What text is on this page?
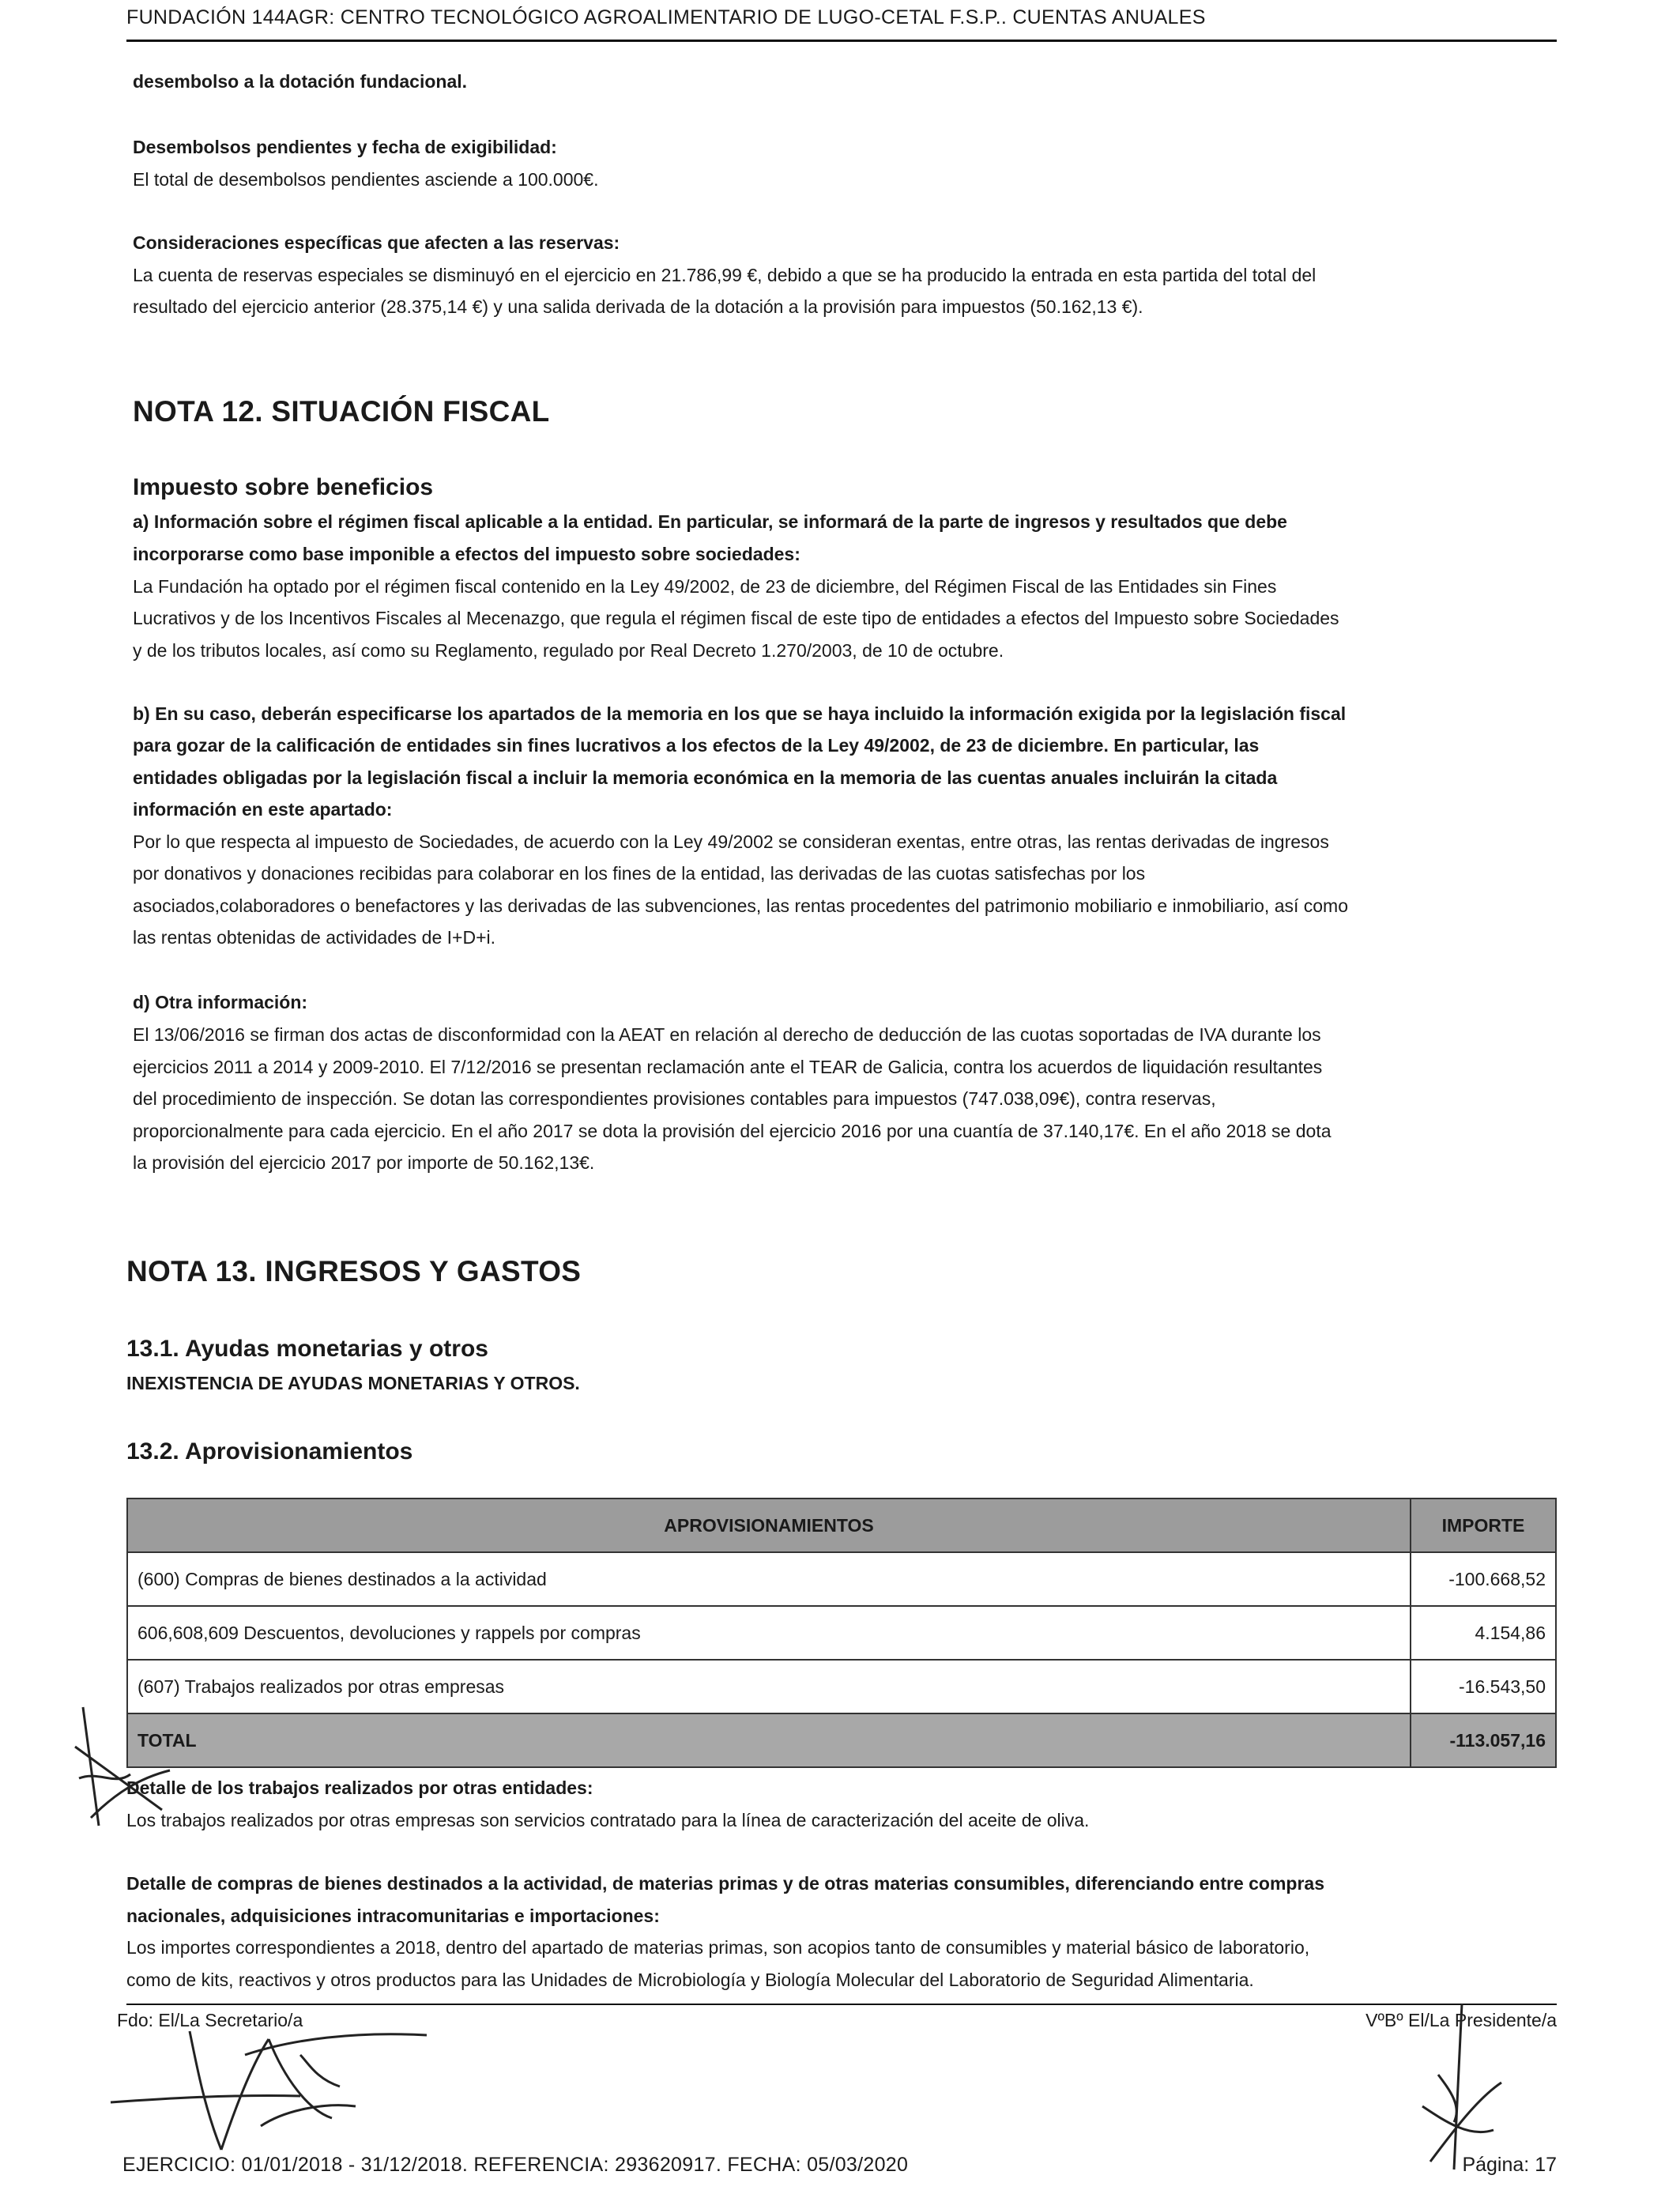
FUNDACIÓN 144AGR: CENTRO TECNOLÓGICO AGROALIMENTARIO DE LUGO-CETAL F.S.P.. CUENTAS ANUALES
desembolso a la dotación fundacional.
Desembolsos pendientes y fecha de exigibilidad:
El total de desembolsos pendientes asciende a 100.000€.
Consideraciones específicas que afecten a las reservas:
La cuenta de reservas especiales se disminuyó en el ejercicio en 21.786,99 €, debido a que se ha producido la entrada en esta partida del total del
resultado del ejercicio anterior (28.375,14 €) y una salida derivada de la dotación a la provisión para impuestos (50.162,13 €).
NOTA 12. SITUACIÓN FISCAL
Impuesto sobre beneficios
a) Información sobre el régimen fiscal aplicable a la entidad. En particular, se informará de la parte de ingresos y resultados que debe
incorporarse como base imponible a efectos del impuesto sobre sociedades:
La Fundación ha optado por el régimen fiscal contenido en la Ley 49/2002, de 23 de diciembre, del Régimen Fiscal de las Entidades sin Fines
Lucrativos y de los Incentivos Fiscales al Mecenazgo, que regula el régimen fiscal de este tipo de entidades a efectos del Impuesto sobre Sociedades
y de los tributos locales, así como su Reglamento, regulado por Real Decreto 1.270/2003, de 10 de octubre.
b) En su caso, deberán especificarse los apartados de la memoria en los que se haya incluido la información exigida por la legislación fiscal
para gozar de la calificación de entidades sin fines lucrativos a los efectos de la Ley 49/2002, de 23 de diciembre. En particular, las
entidades obligadas por la legislación fiscal a incluir la memoria económica en la memoria de las cuentas anuales incluirán la citada
información en este apartado:
Por lo que respecta al impuesto de Sociedades, de acuerdo con la Ley 49/2002 se consideran exentas, entre otras, las rentas derivadas de ingresos
por donativos y donaciones recibidas para colaborar en los fines de la entidad, las derivadas de las cuotas satisfechas por los
asociados,colaboradores o benefactores y las derivadas de las subvenciones, las rentas procedentes del patrimonio mobiliario e inmobiliario, así como
las rentas obtenidas de actividades de I+D+i.
d) Otra información:
El 13/06/2016 se firman dos actas de disconformidad con la AEAT en relación al derecho de deducción de las cuotas soportadas de IVA durante los
ejercicios 2011 a 2014 y 2009-2010. El 7/12/2016 se presentan reclamación ante el TEAR de Galicia, contra los acuerdos de liquidación resultantes
del procedimiento de inspección. Se dotan las correspondientes provisiones contables para impuestos (747.038,09€), contra reservas,
proporcionalmente para cada ejercicio. En el año 2017 se dota la provisión del ejercicio 2016 por una cuantía de 37.140,17€. En el año 2018 se dota
la provisión del ejercicio 2017 por importe de 50.162,13€.
NOTA 13. INGRESOS Y GASTOS
13.1. Ayudas monetarias y otros
INEXISTENCIA DE AYUDAS MONETARIAS Y OTROS.
13.2. Aprovisionamientos
APROVISIONAMIENTOS	IMPORTE
(600) Compras de bienes destinados a la actividad	-100.668,52
606,608,609 Descuentos, devoluciones y rappels por compras	4.154,86
(607) Trabajos realizados por otras empresas	-16.543,50
TOTAL	-113.057,16
Detalle de los trabajos realizados por otras entidades:
Los trabajos realizados por otras empresas son servicios contratado para la línea de caracterización del aceite de oliva.
Detalle de compras de bienes destinados a la actividad, de materias primas y de otras materias consumibles, diferenciando entre compras
nacionales, adquisiciones intracomunitarias e importaciones:
Los importes correspondientes a 2018, dentro del apartado de materias primas, son acopios tanto de consumibles y material básico de laboratorio,
como de kits, reactivos y otros productos para las Unidades de Microbiología y Biología Molecular del Laboratorio de Seguridad Alimentaria.
Fdo: El/La Secretario/a	VºBº El/La Presidente/a
EJERCICIO: 01/01/2018 - 31/12/2018. REFERENCIA: 293620917. FECHA: 05/03/2020	Página: 17
